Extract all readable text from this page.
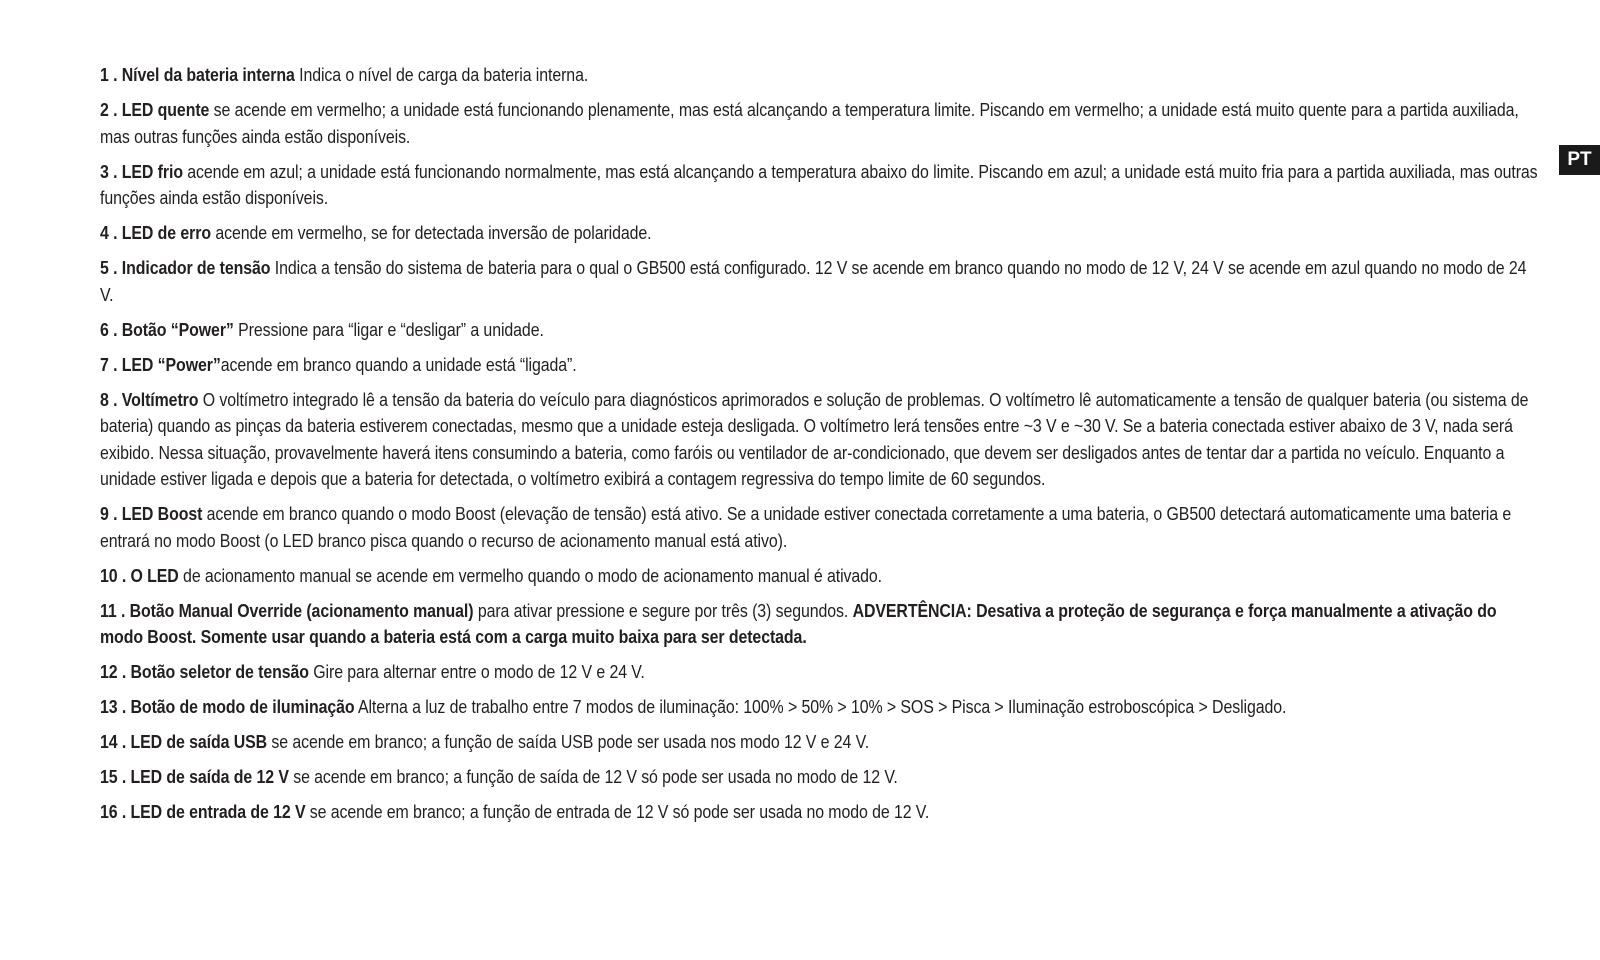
1 . Nível da bateria interna Indica o nível de carga da bateria interna.

2 . LED quente se acende em vermelho; a unidade está funcionando plenamente, mas está alcançando a temperatura limite. Piscando em vermelho; a unidade está muito quente para a partida auxiliada, mas outras funções ainda estão disponíveis.

3 . LED frio acende em azul; a unidade está funcionando normalmente, mas está alcançando a temperatura abaixo do limite. Piscando em azul; a unidade está muito fria para a partida auxiliada, mas outras funções ainda estão disponíveis.

4 . LED de erro acende em vermelho, se for detectada inversão de polaridade.

5 . Indicador de tensão Indica a tensão do sistema de bateria para o qual o GB500 está configurado. 12 V se acende em branco quando no modo de 12 V, 24 V se acende em azul quando no modo de 24 V.

6 . Botão “Power” Pressione para “ligar e “desligar” a unidade.

7 . LED “Power”acende em branco quando a unidade está “ligada”.

8 . Voltímetro O voltímetro integrado lê a tensão da bateria do veículo para diagnósticos aprimorados e solução de problemas. O voltímetro lê automaticamente a tensão de qualquer bateria (ou sistema de bateria) quando as pinças da bateria estiverem conectadas, mesmo que a unidade esteja desligada. O voltímetro lerá tensões entre ~3 V e ~30 V. Se a bateria conectada estiver abaixo de 3 V, nada será exibido. Nessa situação, provavelmente haverá itens consumindo a bateria, como faróis ou ventilador de ar-condicionado, que devem ser desligados antes de tentar dar a partida no veículo. Enquanto a unidade estiver ligada e depois que a bateria for detectada, o voltímetro exibirá a contagem regressiva do tempo limite de 60 segundos.

9 . LED Boost acende em branco quando o modo Boost (elevação de tensão) está ativo. Se a unidade estiver conectada corretamente a uma bateria, o GB500 detectará automaticamente uma bateria e entrará no modo Boost (o LED branco pisca quando o recurso de acionamento manual está ativo).

10 . O LED de acionamento manual se acende em vermelho quando o modo de acionamento manual é ativado.

11 . Botão Manual Override (acionamento manual) para ativar pressione e segure por três (3) segundos. ADVERTÊNCIA: Desativa a proteção de segurança e força manualmente a ativação do modo Boost. Somente usar quando a bateria está com a carga muito baixa para ser detectada.

12 . Botão seletor de tensão Gire para alternar entre o modo de 12 V e 24 V.

13 . Botão de modo de iluminação Alterna a luz de trabalho entre 7 modos de iluminação: 100% > 50% > 10% > SOS > Pisca > Iluminação estroboscópica > Desligado.

14 . LED de saída USB se acende em branco; a função de saída USB pode ser usada nos modo 12 V e 24 V.

15 . LED de saída de 12 V se acende em branco; a função de saída de 12 V só pode ser usada no modo de 12 V.

16 . LED de entrada de 12 V se acende em branco; a função de entrada de 12 V só pode ser usada no modo de 12 V.

PT
